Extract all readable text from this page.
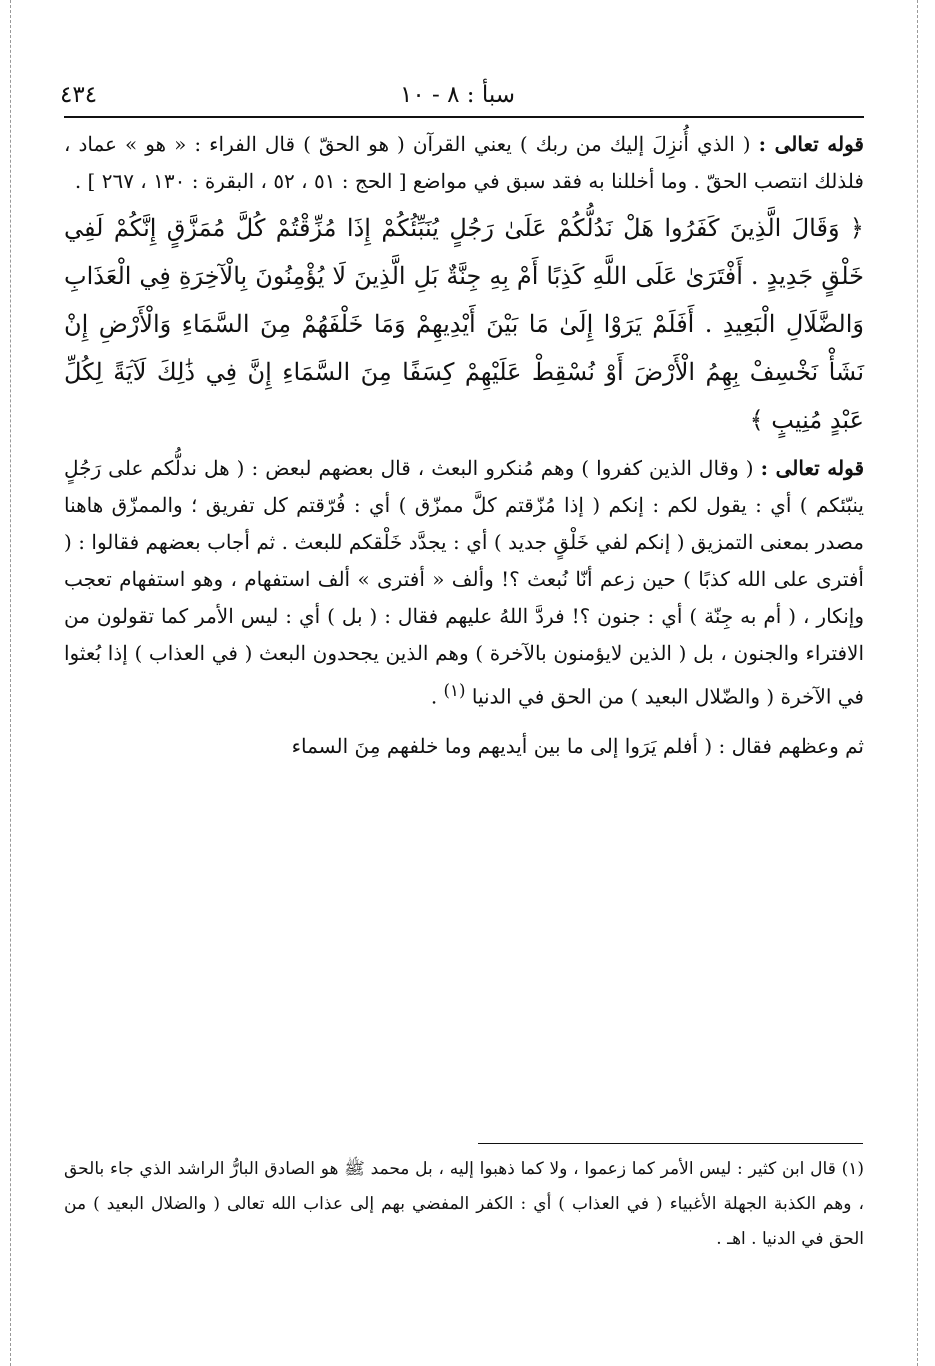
سبأ : ٨ - ١٠
٤٣٤

قوله تعالى : ( الذي أُنزِلَ إليك من ربك ) يعني القرآن ( هو الحقّ ) قال الفراء : « هو » عماد ، فلذلك انتصب الحقّ . وما أخللنا به فقد سبق في مواضع [ الحج : ٥١ ، ٥٢ ، البقرة : ١٣٠ ، ٢٦٧ ] .

﴿ وَقَالَ الَّذِينَ كَفَرُوا هَلْ نَدُلُّكُمْ عَلَىٰ رَجُلٍ يُنَبِّئُكُمْ إِذَا مُزِّقْتُمْ كُلَّ مُمَزَّقٍ إِنَّكُمْ لَفِي خَلْقٍ جَدِيدٍ . أَفْتَرَىٰ عَلَى اللَّهِ كَذِبًا أَمْ بِهِ جِنَّةٌ بَلِ الَّذِينَ لَا يُؤْمِنُونَ بِالْآخِرَةِ فِي الْعَذَابِ وَالضَّلَالِ الْبَعِيدِ . أَفَلَمْ يَرَوْا إِلَىٰ مَا بَيْنَ أَيْدِيهِمْ وَمَا خَلْفَهُمْ مِنَ السَّمَاءِ وَالْأَرْضِ إِنْ نَشَأْ نَخْسِفْ بِهِمُ الْأَرْضَ أَوْ نُسْقِطْ عَلَيْهِمْ كِسَفًا مِنَ السَّمَاءِ إِنَّ فِي ذَٰلِكَ لَآيَةً لِكُلِّ عَبْدٍ مُنِيبٍ ﴾

قوله تعالى : ( وقال الذين كفروا ) وهم مُنكرو البعث ، قال بعضهم لبعض : ( هل ندلُّكم على رَجُلٍ ينبّئكم ) أي : يقول لكم : إنكم ( إذا مُزّقتم كلَّ ممزّق ) أي : فُرّقتم كل تفريق ؛ والممزّق هاهنا مصدر بمعنى التمزيق ( إنكم لفي خَلْقٍ جديد ) أي : يجدَّد خَلْقكم للبعث . ثم أجاب بعضهم فقالوا : ( أفترى على الله كذبًا ) حين زعم أنّا نُبعث ؟! وألف « أفترى » ألف استفهام ، وهو استفهام تعجب وإنكار ، ( أم به جِنّة ) أي : جنون ؟! فردَّ اللهُ عليهم فقال : ( بل ) أي : ليس الأمر كما تقولون من الافتراء والجنون ، بل ( الذين لايؤمنون بالآخرة ) وهم الذين يجحدون البعث ( في العذاب ) إذا بُعثوا في الآخرة ( والضّلال البعيد ) من الحق في الدنيا $^{(١)}$ .

ثم وعظهم فقال : ( أفلم يَرَوا إلى ما بين أيديهم وما خلفهم مِنَ السماء

(١) قال ابن كثير : ليس الأمر كما زعموا ، ولا كما ذهبوا إليه ، بل محمد ﷺ هو الصادق البارُّ الراشد الذي جاء بالحق ، وهم الكذبة الجهلة الأغبياء ( في العذاب ) أي : الكفر المفضي بهم إلى عذاب الله تعالى ( والضلال البعيد ) من الحق في الدنيا . اهـ .
